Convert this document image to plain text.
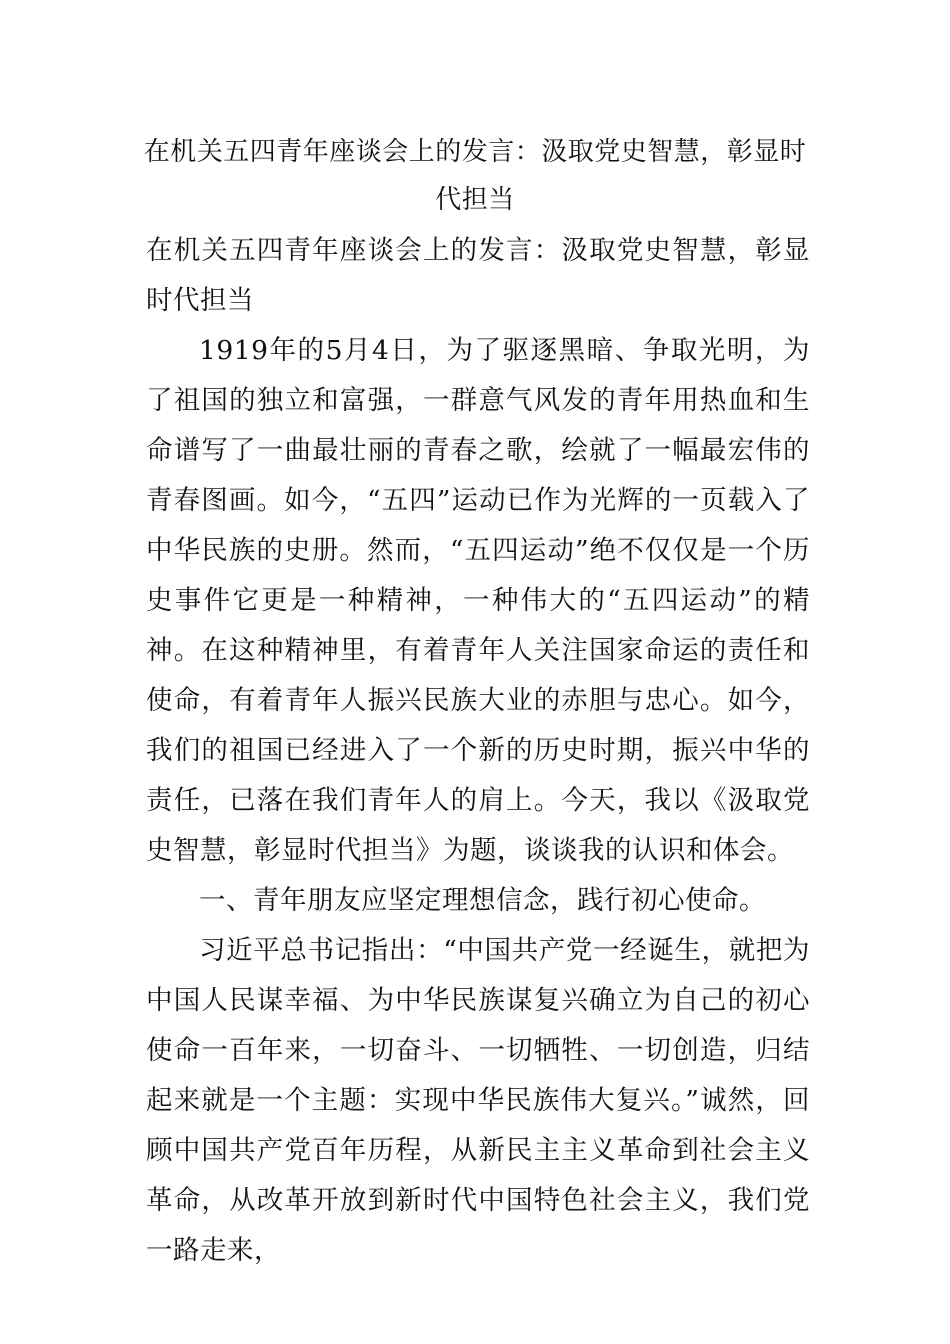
在机关五四青年座谈会上的发言：汲取党史智慧，彰显时代担当

在机关五四青年座谈会上的发言：汲取党史智慧，彰显时代担当

1919年的5月4日，为了驱逐黑暗、争取光明，为了祖国的独立和富强，一群意气风发的青年用热血和生命谱写了一曲最壮丽的青春之歌，绘就了一幅最宏伟的青春图画。如今，“五四”运动已作为光辉的一页载入了中华民族的史册。然而，“五四运动”绝不仅仅是一个历史事件它更是一种精神，一种伟大的“五四运动”的精神。在这种精神里，有着青年人关注国家命运的责任和使命，有着青年人振兴民族大业的赤胆与忠心。如今，我们的祖国已经进入了一个新的历史时期，振兴中华的责任，已落在我们青年人的肩上。今天，我以《汲取党史智慧，彰显时代担当》为题，谈谈我的认识和体会。

一、青年朋友应坚定理想信念，践行初心使命。

习近平总书记指出：“中国共产党一经诞生，就把为中国人民谋幸福、为中华民族谋复兴确立为自己的初心使命一百年来，一切奋斗、一切牺牲、一切创造，归结起来就是一个主题：实现中华民族伟大复兴。”诚然，回顾中国共产党百年历程，从新民主主义革命到社会主义革命，从改革开放到新时代中国特色社会主义，我们党一路走来，
